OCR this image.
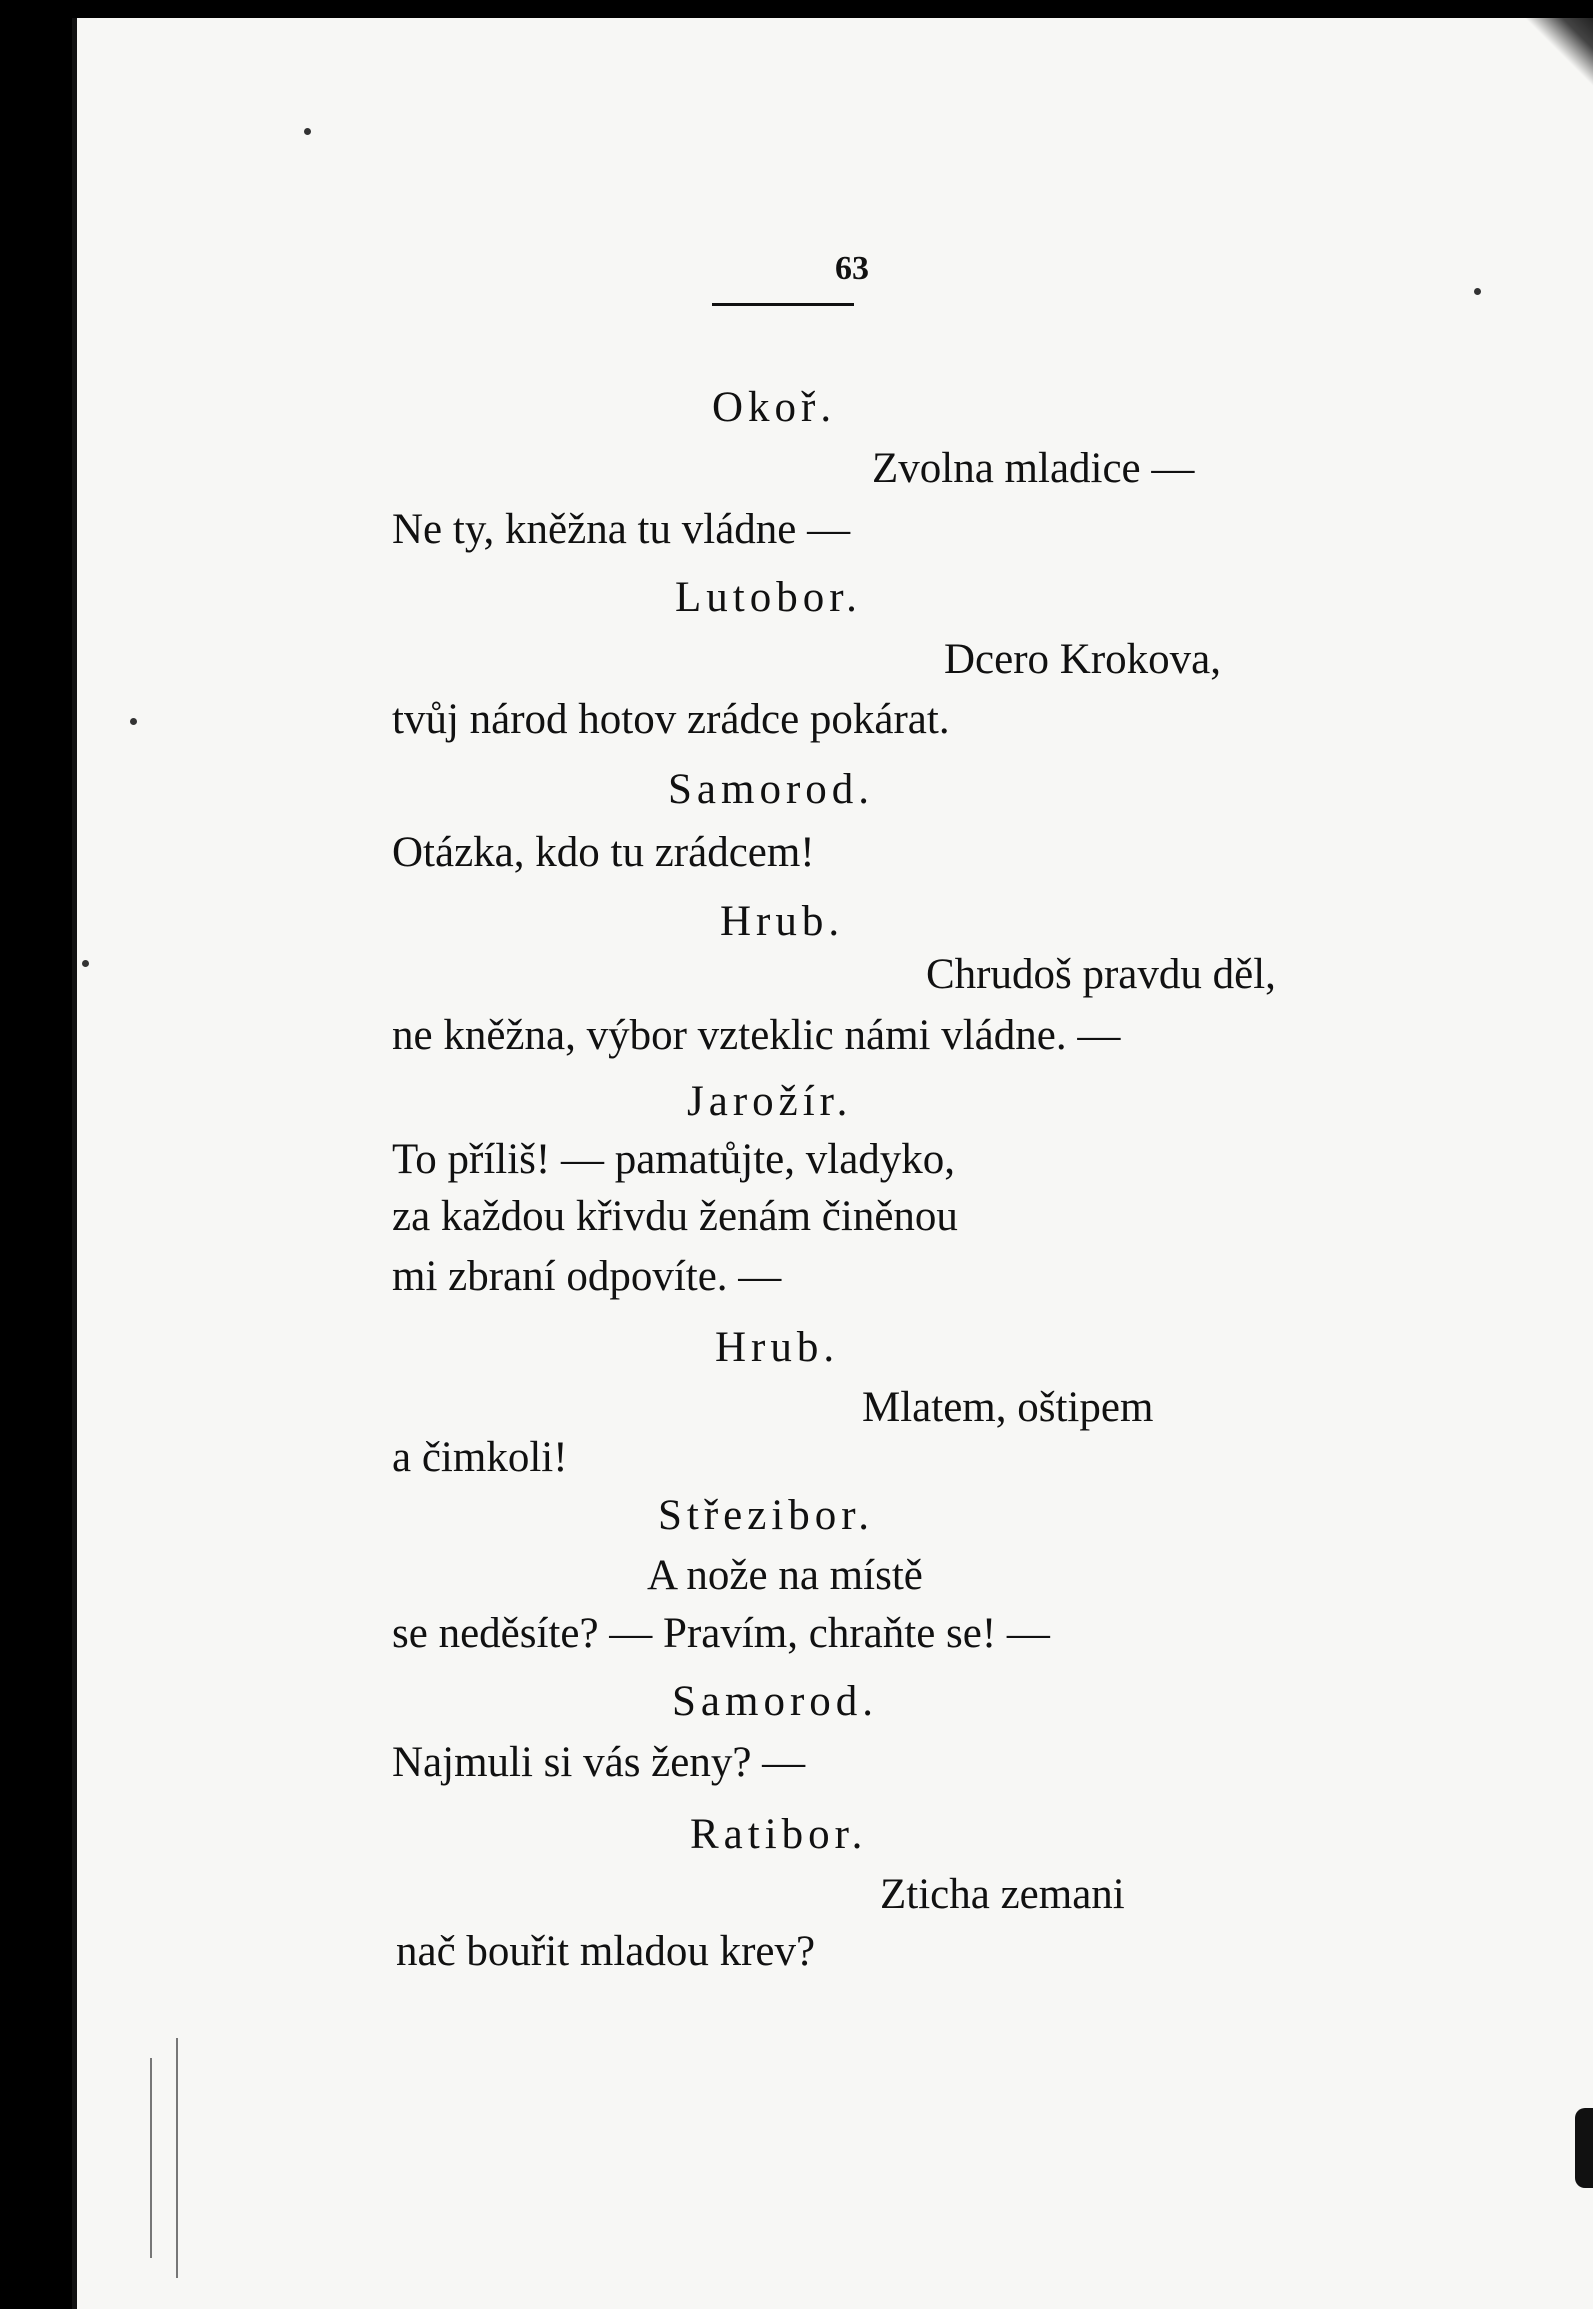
63
Okoř.
Zvolna mladice —
Ne ty, kněžna tu vládne —
Lutobor.
Dcero Krokova,
tvůj národ hotov zrádce pokárat.
Samorod.
Otázka, kdo tu zrádcem!
Hrub.
Chrudoš pravdu děl,
ne kněžna, výbor vzteklic námi vládne. —
Jarožír.
To příliš! — pamatůjte, vladyko,
za každou křivdu ženám činěnou
mi zbraní odpovíte. —
Hrub.
Mlatem, oštipem
a čimkoli!
Střezibor.
A nože na místě
se neděsíte? — Pravím, chraňte se! —
Samorod.
Najmuli si vás ženy? —
Ratibor.
Zticha zemani
nač bouřit mladou krev?
